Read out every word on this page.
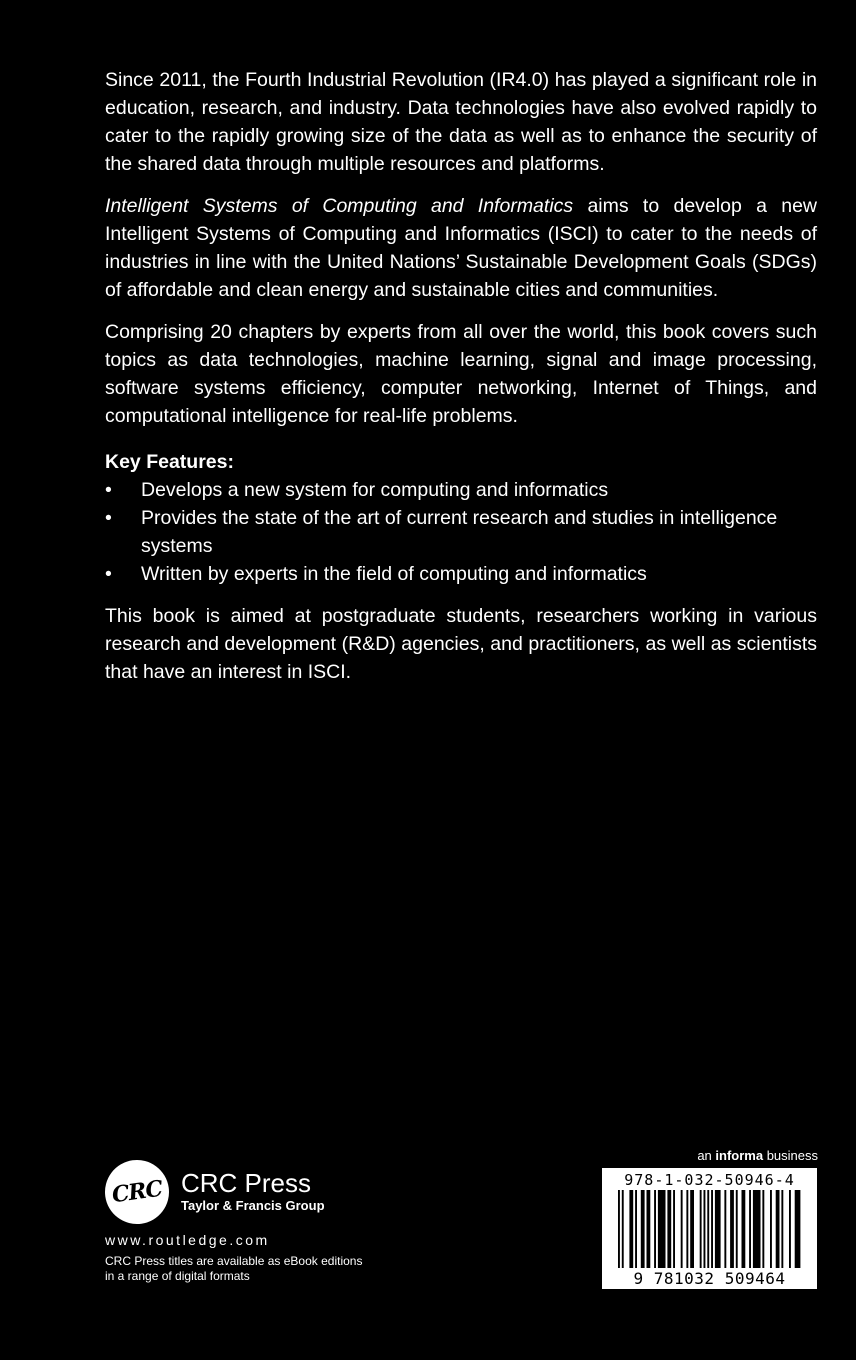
Since 2011, the Fourth Industrial Revolution (IR4.0) has played a significant role in education, research, and industry. Data technologies have also evolved rapidly to cater to the rapidly growing size of the data as well as to enhance the security of the shared data through multiple resources and platforms.

Intelligent Systems of Computing and Informatics aims to develop a new Intelligent Systems of Computing and Informatics (ISCI) to cater to the needs of industries in line with the United Nations’ Sustainable Development Goals (SDGs) of affordable and clean energy and sustainable cities and communities.

Comprising 20 chapters by experts from all over the world, this book covers such topics as data technologies, machine learning, signal and image processing, software systems efficiency, computer networking, Internet of Things, and computational intelligence for real-life problems.

Key Features:
• Develops a new system for computing and informatics
• Provides the state of the art of current research and studies in intelligence systems
• Written by experts in the field of computing and informatics

This book is aimed at postgraduate students, researchers working in various research and development (R&D) agencies, and practitioners, as well as scientists that have an interest in ISCI.

CRC CRC Press
Taylor & Francis Group
www.routledge.com
CRC Press titles are available as eBook editions
in a range of digital formats
an informa business
978-1-032-50946-4
9 781032 509464
